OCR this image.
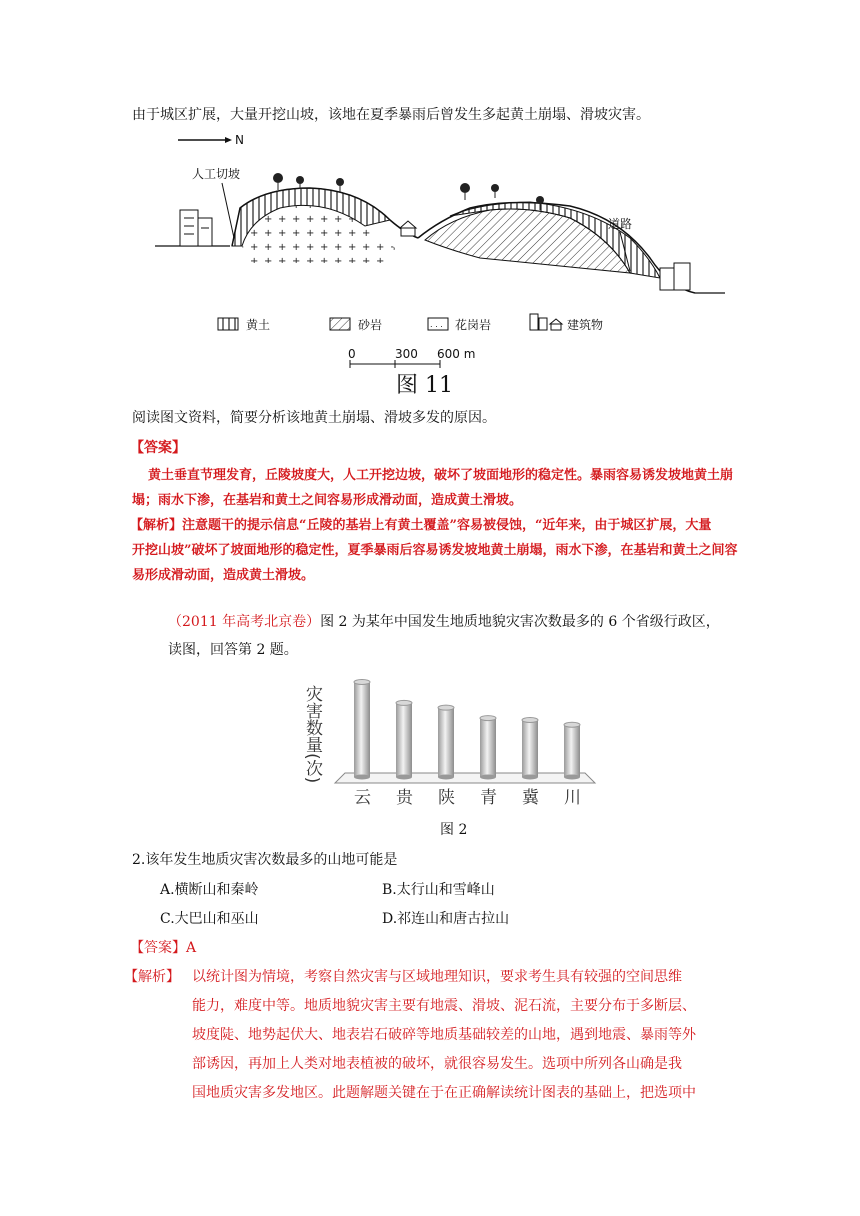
由于城区扩展，大量开挖山坡，该地在夏季暴雨后曾发生多起黄土崩塌、滑坡灾害。
N
人工切坡
道路
黄土	砂岩	. . . 花岗岩	建筑物
0	300 600 m
图 11
阅读图文资料，简要分析该地黄土崩塌、滑坡多发的原因。
【答案】
黄土垂直节理发育，丘陵坡度大，人工开挖边坡，破坏了坡面地形的稳定性。暴雨容易诱发坡地黄土崩
塌；雨水下渗，在基岩和黄土之间容易形成滑动面，造成黄土滑坡。
【解析】注意题干的提示信息“丘陵的基岩上有黄土覆盖”容易被侵蚀，“近年来，由于城区扩展，大量
开挖山坡”破坏了坡面地形的稳定性，夏季暴雨后容易诱发坡地黄土崩塌，雨水下渗，在基岩和黄土之间容
易形成滑动面，造成黄土滑坡。
（2011 年高考北京卷）图 2 为某年中国发生地质地貌灾害次数最多的 6 个省级行政区，
读图，回答第 2 题。
灾害数量(次)
云 贵 陕 青 冀 川
图 2
2.该年发生地质灾害次数最多的山地可能是
A.横断山和秦岭	B.太行山和雪峰山
C.大巴山和巫山	D.祁连山和唐古拉山
【答案】A
【解析】 以统计图为情境，考察自然灾害与区域地理知识，要求考生具有较强的空间思维
能力，难度中等。地质地貌灾害主要有地震、滑坡、泥石流，主要分布于多断层、
坡度陡、地势起伏大、地表岩石破碎等地质基础较差的山地，遇到地震、暴雨等外
部诱因，再加上人类对地表植被的破坏，就很容易发生。选项中所列各山确是我
国地质灾害多发地区。此题解题关键在于在正确解读统计图表的基础上，把选项中
